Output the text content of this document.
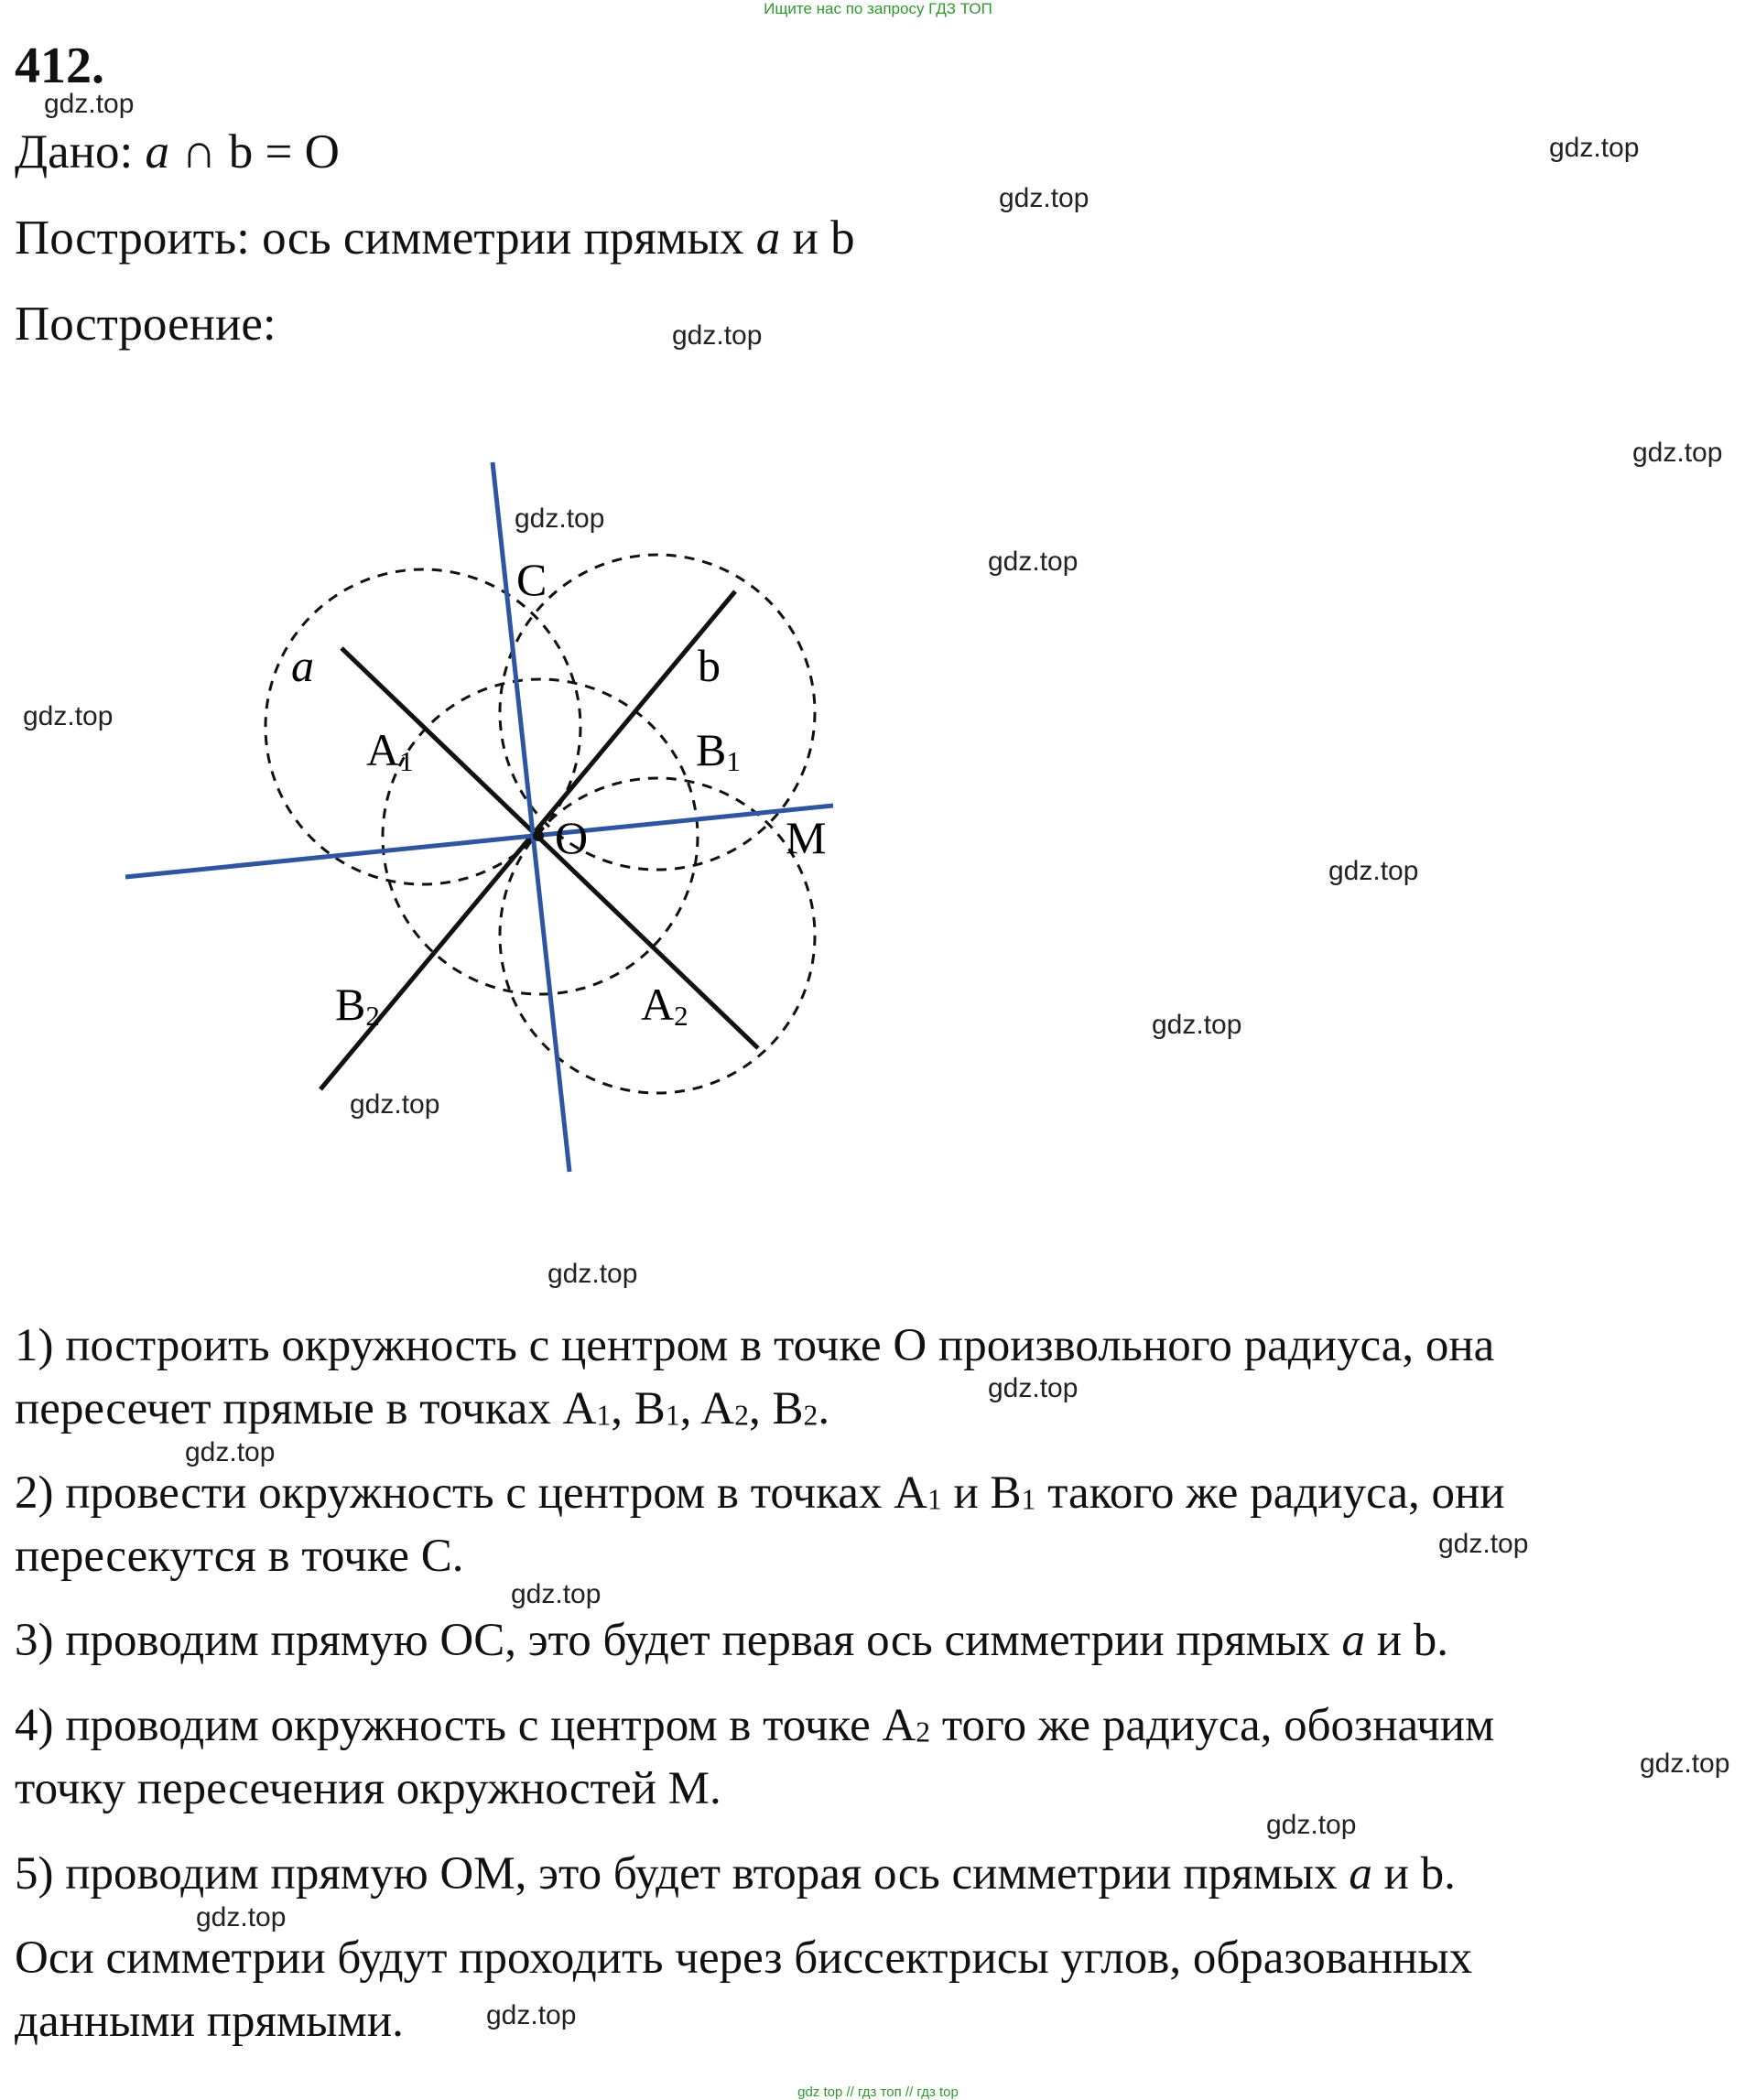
Ищите нас по запросу ГДЗ ТОП
412.
Дано: a ∩ b = O
Построить: ось симметрии прямых a и b
Построение:
a	b
C
O	M
A1	B1
A2
B2
1) построить окружность с центром в точке O произвольного радиуса, она
пересечет прямые в точках $A_1$, $B_1$, $A_2$, $B_2$.
2) провести окружность с центром в точках $A_1$ и $B_1$ такого же радиуса, они
пересекутся в точке C.
3) проводим прямую OC, это будет первая ось симметрии прямых a и b.
4) проводим окружность с центром в точке $A_2$ того же радиуса, обозначим
точку пересечения окружностей M.
5) проводим прямую OM, это будет вторая ось симметрии прямых a и b.
Оси симметрии будут проходить через биссектрисы углов, образованных
данными прямыми.
gdz.top
gdz.top
gdz.top
gdz.top
gdz.top
gdz.top
gdz.top
gdz.top
gdz.top
gdz.top
gdz.top
gdz.top
gdz.top
gdz.top
gdz.top
gdz.top
gdz.top
gdz.top
gdz.top
gdz.top
gdz top // гдз топ // гдз top
